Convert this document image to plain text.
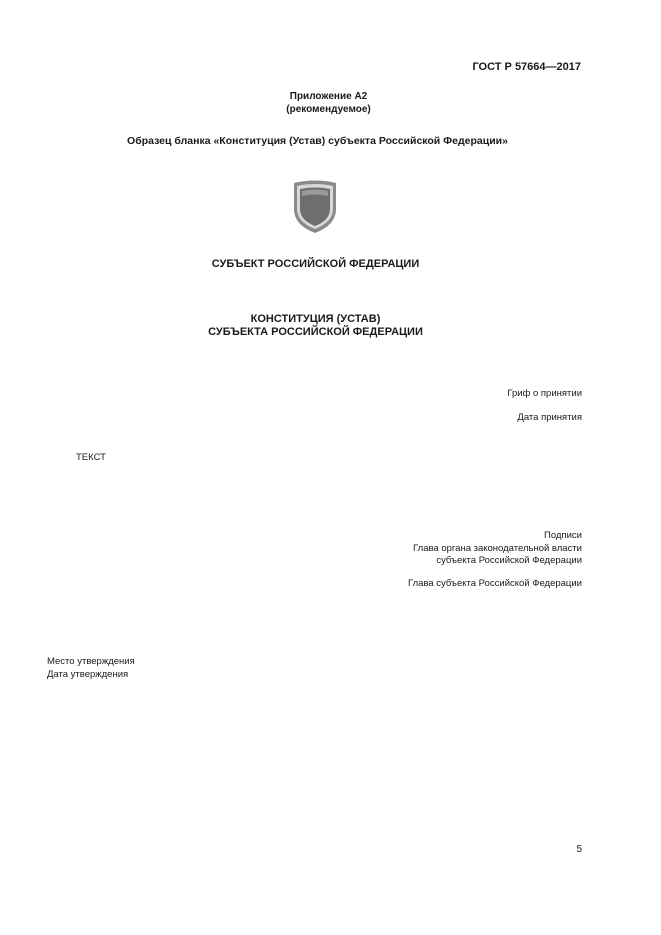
ГОСТ Р 57664—2017
Приложение А2
(рекомендуемое)
Образец бланка «Конституция (Устав) субъекта Российской Федерации»
СУБЪЕКТ РОССИЙСКОЙ ФЕДЕРАЦИИ
КОНСТИТУЦИЯ (УСТАВ)
СУБЪЕКТА РОССИЙСКОЙ ФЕДЕРАЦИИ
Гриф о принятии
Дата принятия
ТЕКСТ
Подписи
Глава органа законодательной власти
субъекта Российской Федерации
Глава субъекта Российской Федерации
Место утверждения
Дата утверждения
5
